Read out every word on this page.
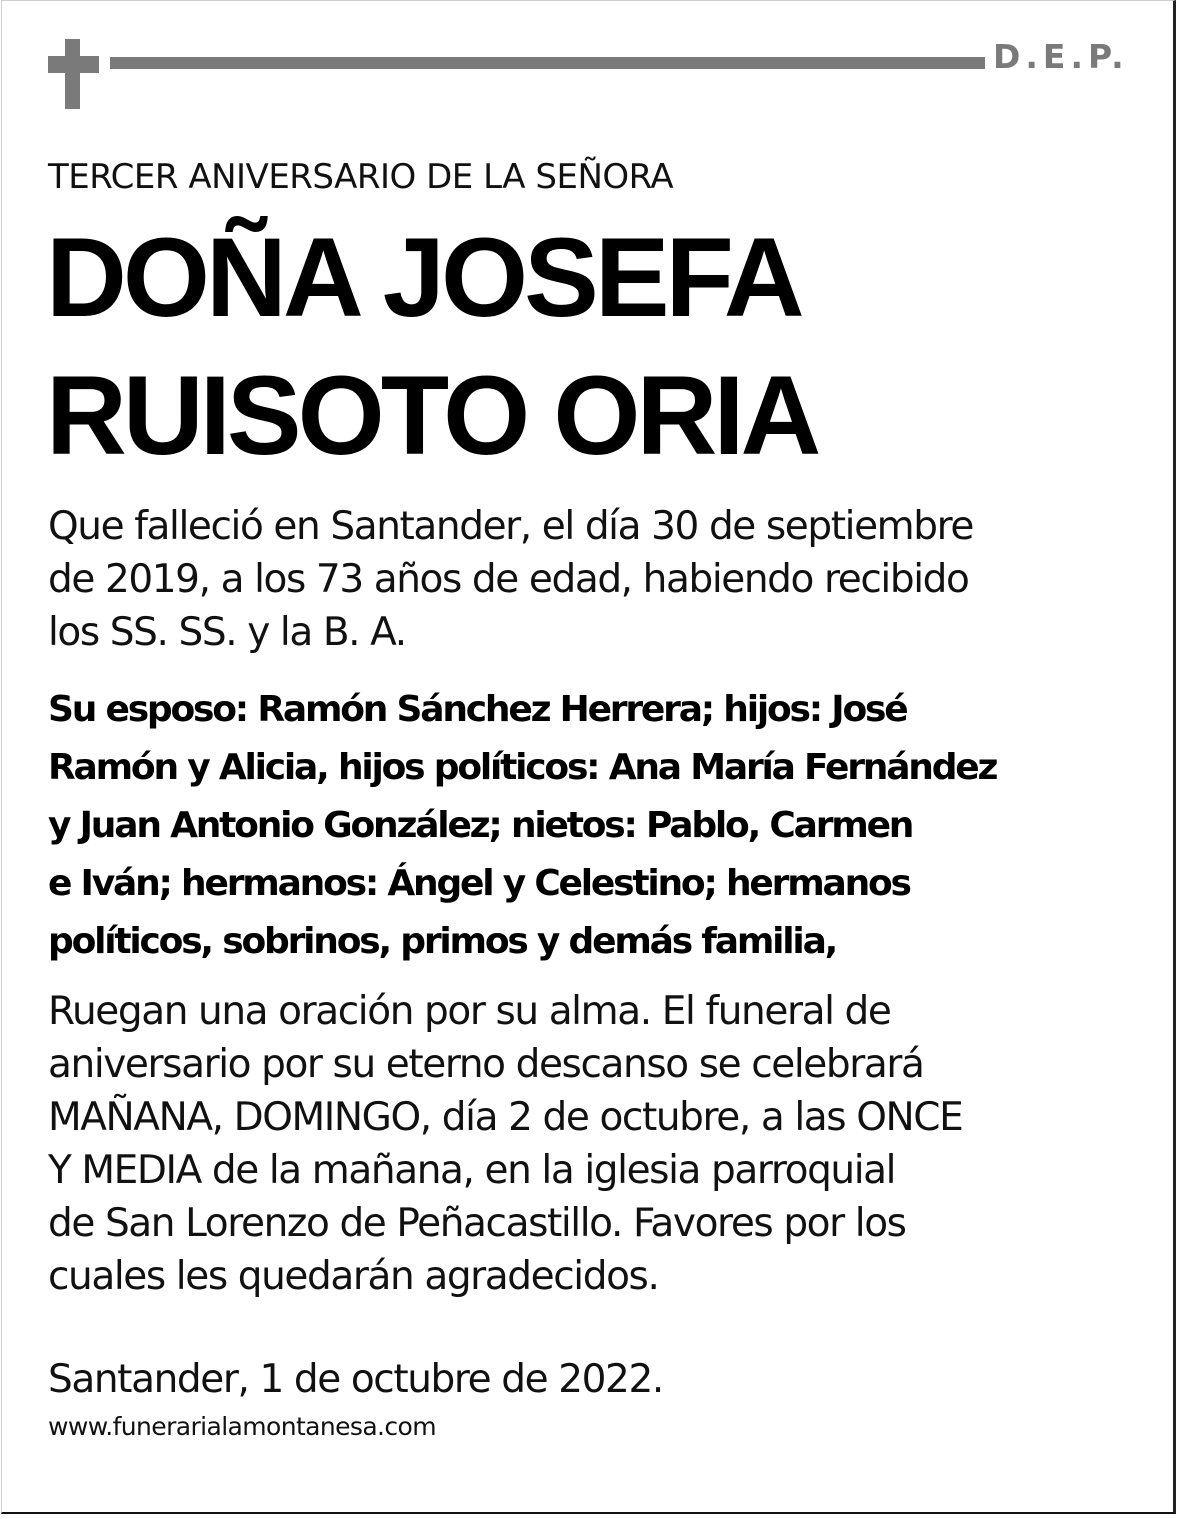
D.E.P.
TERCER ANIVERSARIO DE LA SEÑORA
DOÑA JOSEFA
RUISOTO ORIA
Que falleció en Santander, el día 30 de septiembre
de 2019, a los 73 años de edad, habiendo recibido
los SS. SS. y la B. A.
Su esposo: Ramón Sánchez Herrera; hijos: José
Ramón y Alicia, hijos políticos: Ana María Fernández
y Juan Antonio González; nietos: Pablo, Carmen
e Iván; hermanos: Ángel y Celestino; hermanos
políticos, sobrinos, primos y demás familia,
Ruegan una oración por su alma. El funeral de
aniversario por su eterno descanso se celebrará
MAÑANA, DOMINGO, día 2 de octubre, a las ONCE
Y MEDIA de la mañana, en la iglesia parroquial
de San Lorenzo de Peñacastillo. Favores por los
cuales les quedarán agradecidos.
Santander, 1 de octubre de 2022.
www.funerarialamontanesa.com
